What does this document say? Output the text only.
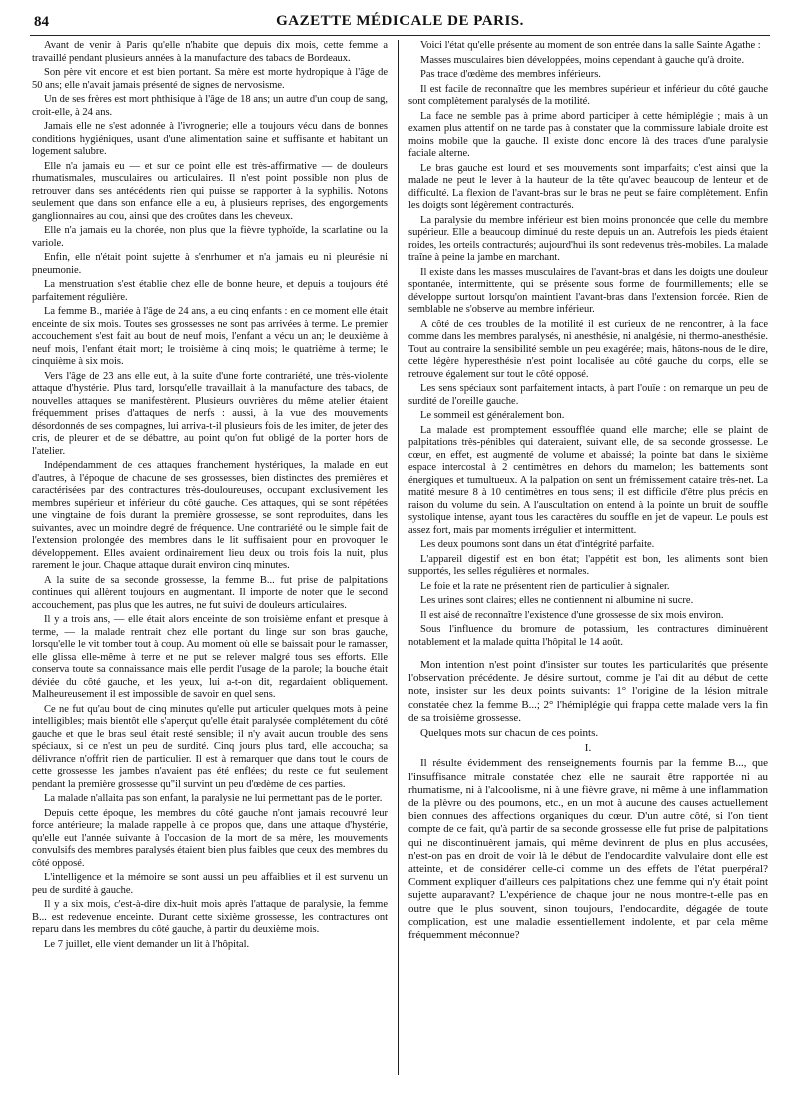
84	GAZETTE MÉDICALE DE PARIS.

Avant de venir à Paris qu'elle n'habite que depuis dix mois, cette femme a travaillé pendant plusieurs années à la manufacture des tabacs de Bordeaux.

Son père vit encore et est bien portant. Sa mère est morte hydropique à l'âge de 50 ans; elle n'avait jamais présenté de signes de nervosisme.

Un de ses frères est mort phthisique à l'âge de 18 ans; un autre d'un coup de sang, croit-elle, à 24 ans.

Jamais elle ne s'est adonnée à l'ivrognerie; elle a toujours vécu dans de bonnes conditions hygiéniques, usant d'une alimentation saine et suffisante et habitant un logement salubre.

Elle n'a jamais eu — et sur ce point elle est très-affirmative — de douleurs rhumatismales, musculaires ou articulaires. Il n'est point possible non plus de retrouver dans ses antécédents rien qui puisse se rapporter à la syphilis. Notons seulement que dans son enfance elle a eu, à plusieurs reprises, des engorgements ganglionnaires au cou, ainsi que des croûtes dans les cheveux.

Elle n'a jamais eu la chorée, non plus que la fièvre typhoïde, la scarlatine ou la variole.

Enfin, elle n'était point sujette à s'enrhumer et n'a jamais eu ni pleurésie ni pneumonie.

La menstruation s'est établie chez elle de bonne heure, et depuis a toujours été parfaitement régulière.

La femme B., mariée à l'âge de 24 ans, a eu cinq enfants : en ce moment elle était enceinte de six mois. Toutes ses grossesses ne sont pas arrivées à terme. Le premier accouchement s'est fait au bout de neuf mois, l'enfant a vécu un an; le deuxième à neuf mois, l'enfant était mort; le troisième à cinq mois; le quatrième à terme; le cinquième à six mois.

Vers l'âge de 23 ans elle eut, à la suite d'une forte contrariété, une très-violente attaque d'hystérie. Plus tard, lorsqu'elle travaillait à la manufacture des tabacs, de nouvelles attaques se manifestèrent. Plusieurs ouvrières du même atelier étaient fréquemment prises d'attaques de nerfs : aussi, à la vue des mouvements désordonnés de ses compagnes, lui arriva-t-il plusieurs fois de les imiter, de jeter des cris, de pleurer et de se débattre, au point qu'on fut obligé de la porter hors de l'atelier.

Indépendamment de ces attaques franchement hystériques, la malade en eut d'autres, à l'époque de chacune de ses grossesses, bien distinctes des premières et caractérisées par des contractures très-douloureuses, occupant exclusivement les membres supérieur et inférieur du côté gauche. Ces attaques, qui se sont répétées une vingtaine de fois durant la première grossesse, se sont reproduites, dans les suivantes, avec un moindre degré de fréquence. Une contrariété ou le simple fait de l'extension prolongée des membres dans le lit suffisaient pour en provoquer le développement. Elles avaient ordinairement lieu deux ou trois fois la nuit, plus rarement le jour. Chaque attaque durait environ cinq minutes.

A la suite de sa seconde grossesse, la femme B... fut prise de palpitations continues qui allèrent toujours en augmentant. Il importe de noter que le second accouchement, pas plus que les autres, ne fut suivi de douleurs articulaires.

Il y a trois ans, — elle était alors enceinte de son troisième enfant et presque à terme, — la malade rentrait chez elle portant du linge sur son bras gauche, lorsqu'elle le vit tomber tout à coup. Au moment où elle se baissait pour le ramasser, elle glissa elle-même à terre et ne put se relever malgré tous ses efforts. Elle conserva toute sa connaissance mais elle perdit l'usage de la parole; la bouche était déviée du côté gauche, et les yeux, lui a-t-on dit, regardaient obliquement. Malheureusement il est impossible de savoir en quel sens.

Ce ne fut qu'au bout de cinq minutes qu'elle put articuler quelques mots à peine intelligibles; mais bientôt elle s'aperçut qu'elle était paralysée complétement du côté gauche et que le bras seul était resté sensible; il n'y avait aucun trouble des sens spéciaux, si ce n'est un peu de surdité. Cinq jours plus tard, elle accoucha; sa délivrance n'offrit rien de particulier. Il est à remarquer que dans tout le cours de cette grossesse les jambes n'avaient pas été enflées; du reste ce fut seulement pendant la première grossesse qu"il survint un peu d'œdème de ces parties.

La malade n'allaita pas son enfant, la paralysie ne lui permettant pas de le porter.

Depuis cette époque, les membres du côté gauche n'ont jamais recouvré leur force antérieure; la malade rappelle à ce propos que, dans une attaque d'hystérie, qu'elle eut l'année suivante à l'occasion de la mort de sa mère, les mouvements convulsifs des membres paralysés étaient bien plus faibles que ceux des membres du côté opposé.

L'intelligence et la mémoire se sont aussi un peu affaiblies et il est survenu un peu de surdité à gauche.

Il y a six mois, c'est-à-dire dix-huit mois après l'attaque de paralysie, la femme B... est redevenue enceinte. Durant cette sixième grossesse, les contractures ont reparu dans les membres du côté gauche, à partir du deuxième mois.

Le 7 juillet, elle vient demander un lit à l'hôpital.

Voici l'état qu'elle présente au moment de son entrée dans la salle Sainte Agathe :

Masses musculaires bien développées, moins cependant à gauche qu'à droite.

Pas trace d'œdème des membres inférieurs.

Il est facile de reconnaître que les membres supérieur et inférieur du côté gauche sont complètement paralysés de la motilité.

La face ne semble pas à prime abord participer à cette hémiplégie ; mais à un examen plus attentif on ne tarde pas à constater que la commissure labiale droite est moins mobile que la gauche. Il existe donc encore là des traces d'une paralysie faciale alterne.

Le bras gauche est lourd et ses mouvements sont imparfaits; c'est ainsi que la malade ne peut le lever à la hauteur de la tête qu'avec beaucoup de lenteur et de difficulté. La flexion de l'avant-bras sur le bras ne peut se faire complètement. Enfin les doigts sont légèrement contracturés.

La paralysie du membre inférieur est bien moins prononcée que celle du membre supérieur. Elle a beaucoup diminué du reste depuis un an. Autrefois les pieds étaient roides, les orteils contracturés; aujourd'hui ils sont redevenus très-mobiles. La malade traîne à peine la jambe en marchant.

Il existe dans les masses musculaires de l'avant-bras et dans les doigts une douleur spontanée, intermittente, qui se présente sous forme de fourmillements; elle se développe surtout lorsqu'on maintient l'avant-bras dans l'extension forcée. Rien de semblable ne s'observe au membre inférieur.

A côté de ces troubles de la motilité il est curieux de ne rencontrer, à la face comme dans les membres paralysés, ni anesthésie, ni analgésie, ni thermo-anesthésie. Tout au contraire la sensibilité semble un peu exagérée; mais, hâtons-nous de le dire, cette légère hyperesthésie n'est point localisée au côté gauche du corps, elle se retrouve également sur tout le côté opposé.

Les sens spéciaux sont parfaitement intacts, à part l'ouïe : on remarque un peu de surdité de l'oreille gauche.

Le sommeil est généralement bon.

La malade est promptement essoufflée quand elle marche; elle se plaint de palpitations très-pénibles qui dateraient, suivant elle, de sa seconde grossesse. Le cœur, en effet, est augmenté de volume et abaissé; la pointe bat dans le sixième espace intercostal à 2 centimètres en dehors du mamelon; les battements sont énergiques et tumultueux. A la palpation on sent un frémissement cataire très-net. La matité mesure 8 à 10 centimètres en tous sens; il est difficile d'être plus précis en raison du volume du sein. A l'auscultation on entend à la pointe un bruit de souffle systolique intense, ayant tous les caractères du souffle en jet de vapeur. Le pouls est assez fort, mais par moments irrégulier et intermittent.

Les deux poumons sont dans un état d'intégrité parfaite.

L'appareil digestif est en bon état; l'appétit est bon, les aliments sont bien supportés, les selles régulières et normales.

Le foie et la rate ne présentent rien de particulier à signaler.

Les urines sont claires; elles ne contiennent ni albumine ni sucre.

Il est aisé de reconnaître l'existence d'une grossesse de six mois environ.

Sous l'influence du bromure de potassium, les contractures diminuèrent notablement et la malade quitta l'hôpital le 14 août.

Mon intention n'est point d'insister sur toutes les particularités que présente l'observation précédente. Je désire surtout, comme je l'ai dit au début de cette note, insister sur les deux points suivants: 1° l'origine de la lésion mitrale constatée chez la femme B...; 2° l'hémiplégie qui frappa cette malade vers la fin de sa troisième grossesse.

Quelques mots sur chacun de ces points.

I.

Il résulte évidemment des renseignements fournis par la femme B..., que l'insuffisance mitrale constatée chez elle ne saurait être rapportée ni au rhumatisme, ni à l'alcoolisme, ni à une fièvre grave, ni même à une inflammation de la plèvre ou des poumons, etc., en un mot à aucune des causes actuellement bien connues des affections organiques du cœur. D'un autre côté, si l'on tient compte de ce fait, qu'à partir de sa seconde grossesse elle fut prise de palpitations qui ne discontinuèrent jamais, qui même devinrent de plus en plus accusées, n'est-on pas en droit de voir là le début de l'endocardite valvulaire dont elle est atteinte, et de considérer celle-ci comme un des effets de l'état puerpéral? Comment expliquer d'ailleurs ces palpitations chez une femme qui n'y était point sujette auparavant? L'expérience de chaque jour ne nous montre-t-elle pas en outre que le plus souvent, sinon toujours, l'endocardite, dégagée de toute complication, est une maladie essentiellement indolente, et par cela même fréquemment méconnue?
